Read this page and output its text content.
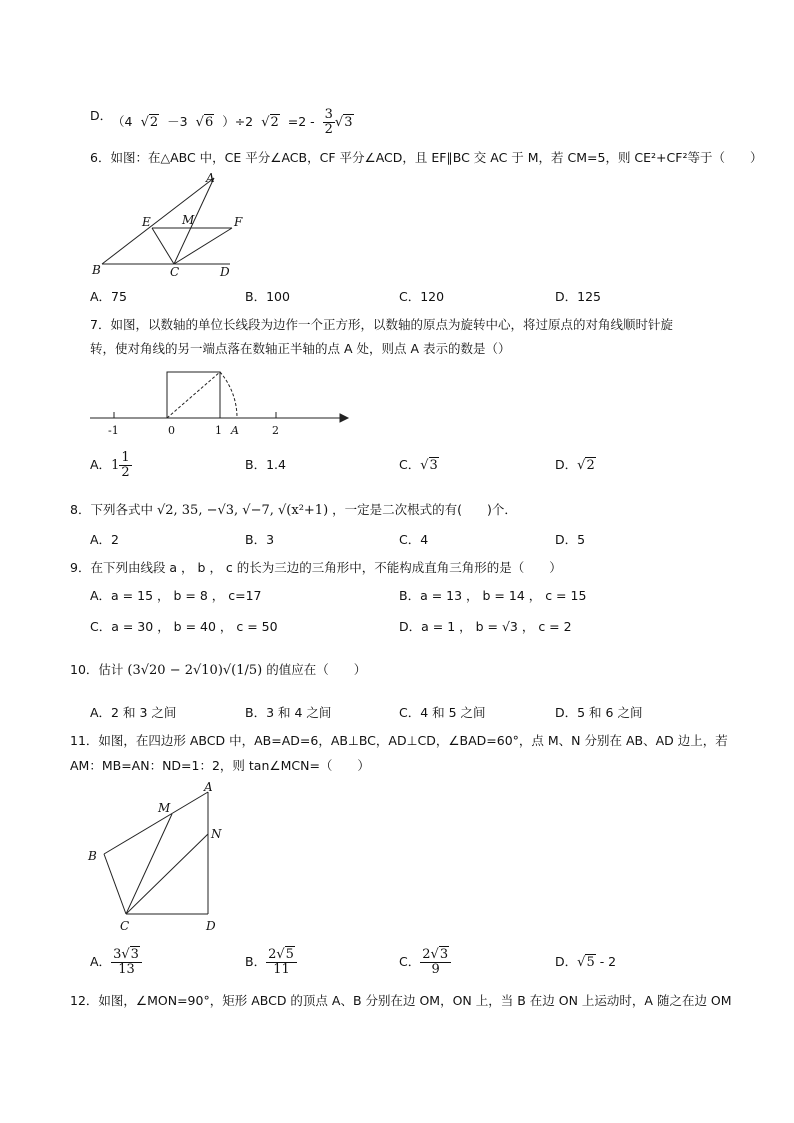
D． （4  √2 －3  √6 ）÷2  $√2 =2 - \frac{3}{2} √3$
6．如图：在△ABC 中，CE 平分∠ACB，CF 平分∠ACD，且 EF∥BC 交 AC 于 M，若 CM=5，则 CE²+CF²等于（　　）
A
E	M	F
B	C	D
A．75	B．100	C．120	D．125
7．如图，以数轴的单位长线段为边作一个正方形，以数轴的原点为旋转中心，将过原点的对角线顺时针旋
转，使对角线的另一端点落在数轴正半轴的点 A 处，则点 A 表示的数是（）
-1	0	1 A	2
A．$1 \frac{1}{2}$	B．1.4	C．√3	D．√2
8．下列各式中 √2, 35, −√3, √−7, √(x²+1) ，一定是二次根式的有(　　)个．
A．2	B．3	C．4	D．5
9．在下列由线段 a ， b ， c 的长为三边的三角形中，不能构成直角三角形的是（　　）
A．a = 15 ， b = 8 ， c=17	B．a = 13 ， b = 14 ， c = 15
C．a = 30 ， b = 40 ， c = 50	D．a = 1 ， b = √3 ， c = 2
10．估计 (3√20 − 2√10)√(1/5) 的值应在（　　）
A．2 和 3 之间	B．3 和 4 之间	C．4 和 5 之间	D．5 和 6 之间
11．如图，在四边形 ABCD 中，AB=AD=6，AB⊥BC，AD⊥CD，∠BAD=60°，点 M、N 分别在 AB、AD 边上，若
AM：MB=AN：ND=1：2，则 tan∠MCN=（　　）
A
M
N
B
C	D
A． $\frac{3√3}{13}$	B． $\frac{2√5}{11}$	C． $\frac{2√3}{9}$	D．√5 - 2
12．如图，∠MON=90°，矩形 ABCD 的顶点 A、B 分别在边 OM，ON 上，当 B 在边 ON 上运动时，A 随之在边 OM
